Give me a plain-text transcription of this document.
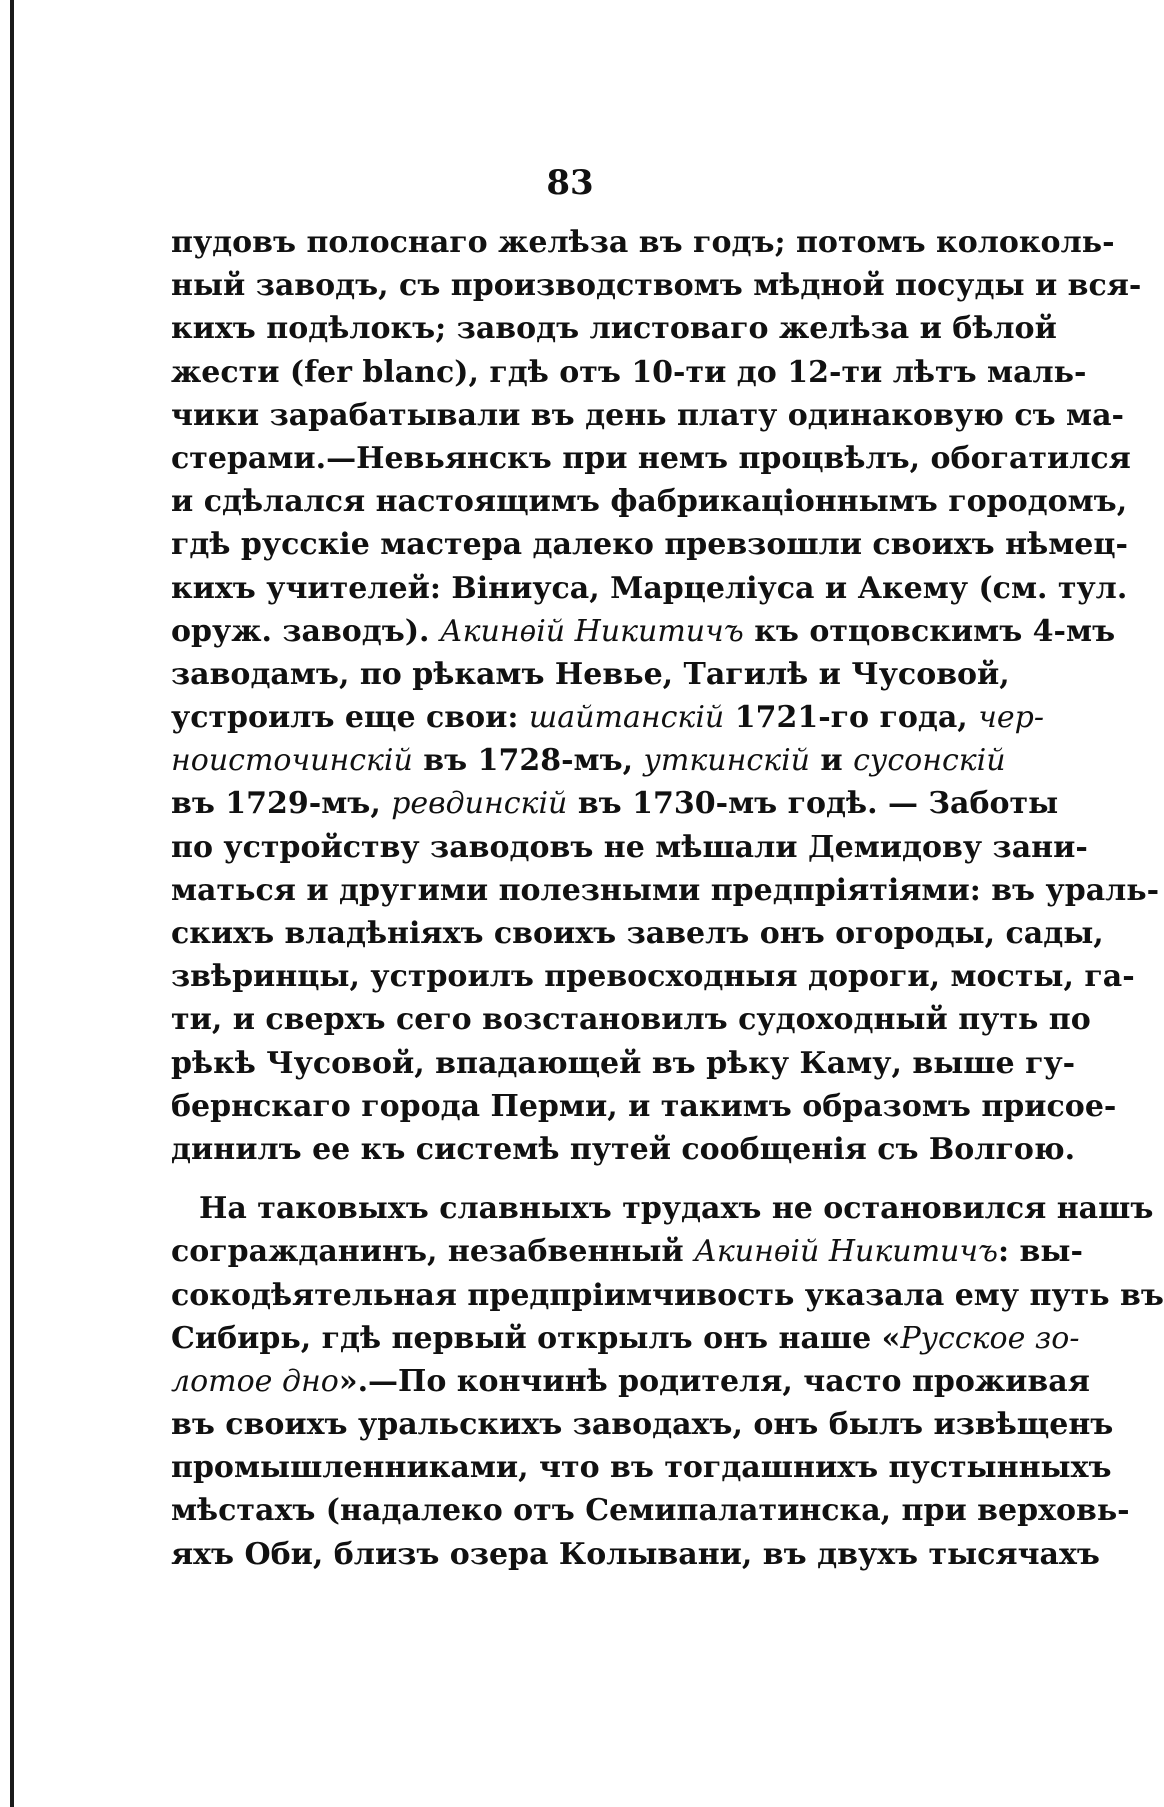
83
пудовъ полоснаго желѣза въ годъ; потомъ колоколь-
ный заводъ, съ производствомъ мѣдной посуды и вся-
кихъ подѣлокъ; заводъ листоваго желѣза и бѣлой
жести (fer blanc), гдѣ отъ 10-ти до 12-ти лѣтъ маль-
чики зарабатывали въ день плату одинаковую съ ма-
стерами.—Невьянскъ при немъ процвѣлъ, обогатился
и сдѣлался настоящимъ фабрикаціоннымъ городомъ,
гдѣ русскіе мастера далеко превзошли своихъ нѣмец-
кихъ учителей: Віниуса, Марцеліуса и Акему (см. тул.
оруж. заводъ). Акинѳій Никитичъ къ отцовскимъ 4-мъ
заводамъ, по рѣкамъ Невье, Тагилѣ и Чусовой,
устроилъ еще свои: шайтанскій 1721-го года, чер-
ноисточинскій въ 1728-мъ, уткинскій и сусонскій
въ 1729-мъ, ревдинскій въ 1730-мъ годѣ. — Заботы
по устройству заводовъ не мѣшали Демидову зани-
маться и другими полезными предпріятіями: въ ураль-
скихъ владѣніяхъ своихъ завелъ онъ огороды, сады,
звѣринцы, устроилъ превосходныя дороги, мосты, га-
ти, и сверхъ сего возстановилъ судоходный путь по
рѣкѣ Чусовой, впадающей въ рѣку Каму, выше гу-
бернскаго города Перми, и такимъ образомъ присое-
динилъ ее къ системѣ путей сообщенія съ Волгою.
На таковыхъ славныхъ трудахъ не остановился нашъ
согражданинъ, незабвенный Акинѳій Никитичъ: вы-
сокодѣятельная предпріимчивость указала ему путь въ
Сибирь, гдѣ первый открылъ онъ наше «Русское зо-
лотое дно».—По кончинѣ родителя, часто проживая
въ своихъ уральскихъ заводахъ, онъ былъ извѣщенъ
промышленниками, что въ тогдашнихъ пустынныхъ
мѣстахъ (надалеко отъ Семипалатинска, при верховь-
яхъ Оби, близъ озера Колывани, въ двухъ тысячахъ
